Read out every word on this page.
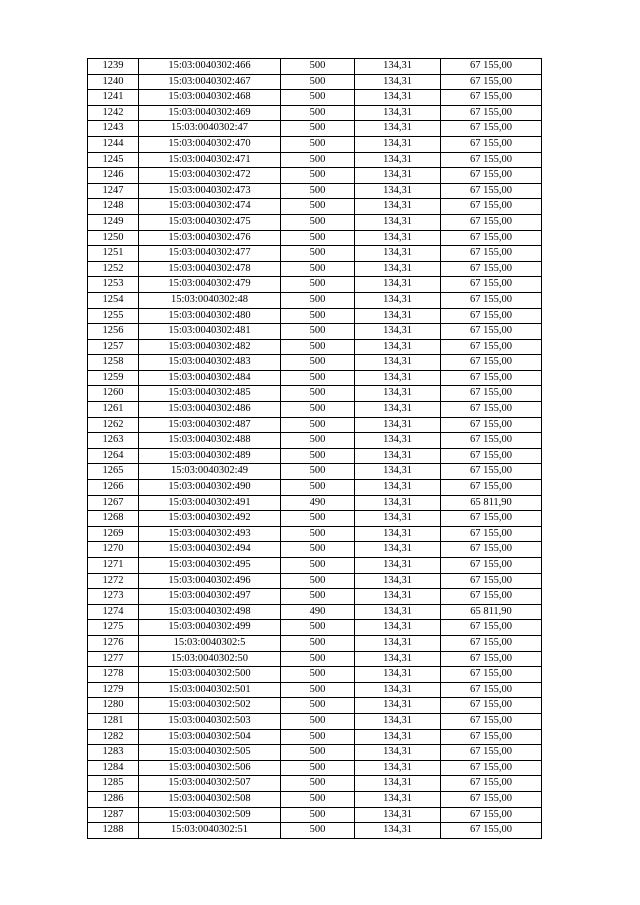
1239	15:03:0040302:466	500	134,31	67 155,00
1240	15:03:0040302:467	500	134,31	67 155,00
1241	15:03:0040302:468	500	134,31	67 155,00
1242	15:03:0040302:469	500	134,31	67 155,00
1243	15:03:0040302:47	500	134,31	67 155,00
1244	15:03:0040302:470	500	134,31	67 155,00
1245	15:03:0040302:471	500	134,31	67 155,00
1246	15:03:0040302:472	500	134,31	67 155,00
1247	15:03:0040302:473	500	134,31	67 155,00
1248	15:03:0040302:474	500	134,31	67 155,00
1249	15:03:0040302:475	500	134,31	67 155,00
1250	15:03:0040302:476	500	134,31	67 155,00
1251	15:03:0040302:477	500	134,31	67 155,00
1252	15:03:0040302:478	500	134,31	67 155,00
1253	15:03:0040302:479	500	134,31	67 155,00
1254	15:03:0040302:48	500	134,31	67 155,00
1255	15:03:0040302:480	500	134,31	67 155,00
1256	15:03:0040302:481	500	134,31	67 155,00
1257	15:03:0040302:482	500	134,31	67 155,00
1258	15:03:0040302:483	500	134,31	67 155,00
1259	15:03:0040302:484	500	134,31	67 155,00
1260	15:03:0040302:485	500	134,31	67 155,00
1261	15:03:0040302:486	500	134,31	67 155,00
1262	15:03:0040302:487	500	134,31	67 155,00
1263	15:03:0040302:488	500	134,31	67 155,00
1264	15:03:0040302:489	500	134,31	67 155,00
1265	15:03:0040302:49	500	134,31	67 155,00
1266	15:03:0040302:490	500	134,31	67 155,00
1267	15:03:0040302:491	490	134,31	65 811,90
1268	15:03:0040302:492	500	134,31	67 155,00
1269	15:03:0040302:493	500	134,31	67 155,00
1270	15:03:0040302:494	500	134,31	67 155,00
1271	15:03:0040302:495	500	134,31	67 155,00
1272	15:03:0040302:496	500	134,31	67 155,00
1273	15:03:0040302:497	500	134,31	67 155,00
1274	15:03:0040302:498	490	134,31	65 811,90
1275	15:03:0040302:499	500	134,31	67 155,00
1276	15:03:0040302:5	500	134,31	67 155,00
1277	15:03:0040302:50	500	134,31	67 155,00
1278	15:03:0040302:500	500	134,31	67 155,00
1279	15:03:0040302:501	500	134,31	67 155,00
1280	15:03:0040302:502	500	134,31	67 155,00
1281	15:03:0040302:503	500	134,31	67 155,00
1282	15:03:0040302:504	500	134,31	67 155,00
1283	15:03:0040302:505	500	134,31	67 155,00
1284	15:03:0040302:506	500	134,31	67 155,00
1285	15:03:0040302:507	500	134,31	67 155,00
1286	15:03:0040302:508	500	134,31	67 155,00
1287	15:03:0040302:509	500	134,31	67 155,00
1288	15:03:0040302:51	500	134,31	67 155,00
